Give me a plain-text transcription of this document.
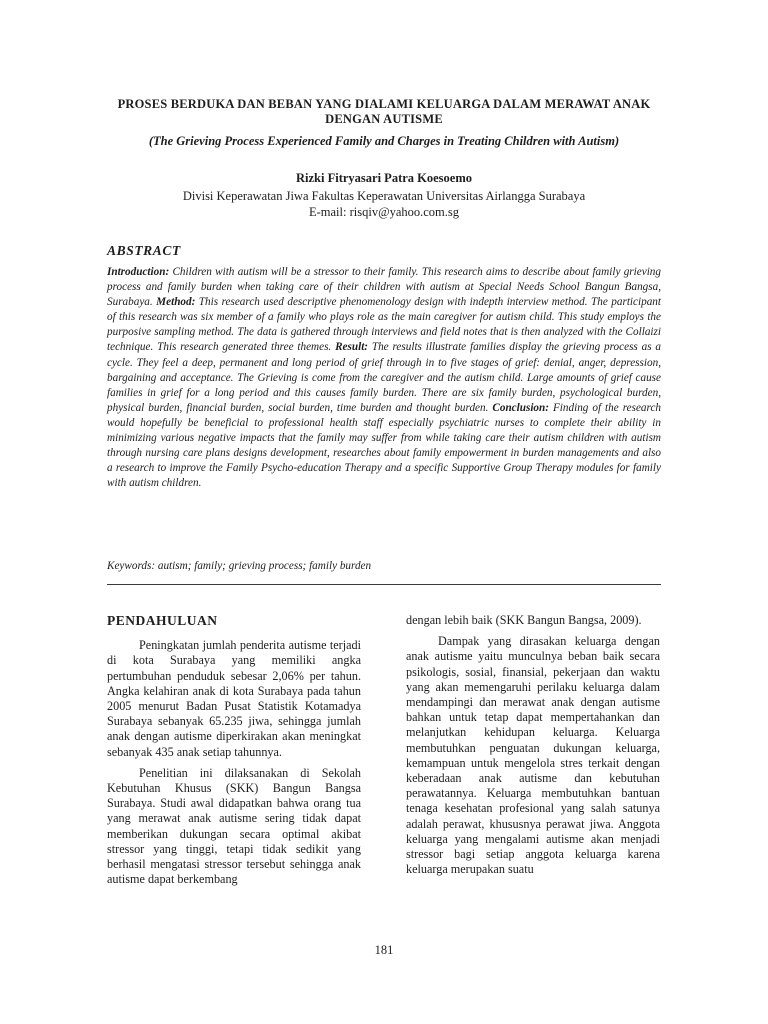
PROSES BERDUKA DAN BEBAN YANG DIALAMI KELUARGA DALAM MERAWAT ANAK DENGAN AUTISME

(The Grieving Process Experienced Family and Charges in Treating Children with Autism)

Rizki Fitryasari Patra Koesoemo

Divisi Keperawatan Jiwa Fakultas Keperawatan Universitas Airlangga Surabaya
E-mail: risqiv@yahoo.com.sg

ABSTRACT

Introduction: Children with autism will be a stressor to their family. This research aims to describe about family grieving process and family burden when taking care of their children with autism at Special Needs School Bangun Bangsa, Surabaya. Method: This research used descriptive phenomenology design with indepth interview method. The participant of this research was six member of a family who plays role as the main caregiver for autism child. This study employs the purposive sampling method. The data is gathered through interviews and field notes that is then analyzed with the Collaizi technique. This research generated three themes. Result: The results illustrate families display the grieving process as a cycle. They feel a deep, permanent and long period of grief through in to five stages of grief: denial, anger, depression, bargaining and acceptance. The Grieving is come from the caregiver and the autism child. Large amounts of grief cause families in grief for a long period and this causes family burden. There are six family burden, psychological burden, physical burden, financial burden, social burden, time burden and thought burden. Conclusion: Finding of the research would hopefully be beneficial to professional health staff especially psychiatric nurses to complete their ability in minimizing various negative impacts that the family may suffer from while taking care their autism children with autism through nursing care plans designs development, researches about family empowerment in burden managements and also a research to improve the Family Psycho-education Therapy and a specific Supportive Group Therapy modules for family with autism children.

Keywords: autism; family; grieving process; family burden

PENDAHULUAN

Peningkatan jumlah penderita autisme terjadi di kota Surabaya yang memiliki angka pertumbuhan penduduk sebesar 2,06% per tahun. Angka kelahiran anak di kota Surabaya pada tahun 2005 menurut Badan Pusat Statistik Kotamadya Surabaya sebanyak 65.235 jiwa, sehingga jumlah anak dengan autisme diperkirakan akan meningkat sebanyak 435 anak setiap tahunnya.

Penelitian ini dilaksanakan di Sekolah Kebutuhan Khusus (SKK) Bangun Bangsa Surabaya. Studi awal didapatkan bahwa orang tua yang merawat anak autisme sering tidak dapat memberikan dukungan secara optimal akibat stressor yang tinggi, tetapi tidak sedikit yang berhasil mengatasi stressor tersebut sehingga anak autisme dapat berkembang

dengan lebih baik (SKK Bangun Bangsa, 2009).

Dampak yang dirasakan keluarga dengan anak autisme yaitu munculnya beban baik secara psikologis, sosial, finansial, pekerjaan dan waktu yang akan memengaruhi perilaku keluarga dalam mendampingi dan merawat anak dengan autisme bahkan untuk tetap dapat mempertahankan dan melanjutkan kehidupan keluarga. Keluarga membutuhkan penguatan dukungan keluarga, kemampuan untuk mengelola stres terkait dengan keberadaan anak autisme dan kebutuhan perawatannya. Keluarga membutuhkan bantuan tenaga kesehatan profesional yang salah satunya adalah perawat, khususnya perawat jiwa. Anggota keluarga yang mengalami autisme akan menjadi stressor bagi setiap anggota keluarga karena keluarga merupakan suatu

181
